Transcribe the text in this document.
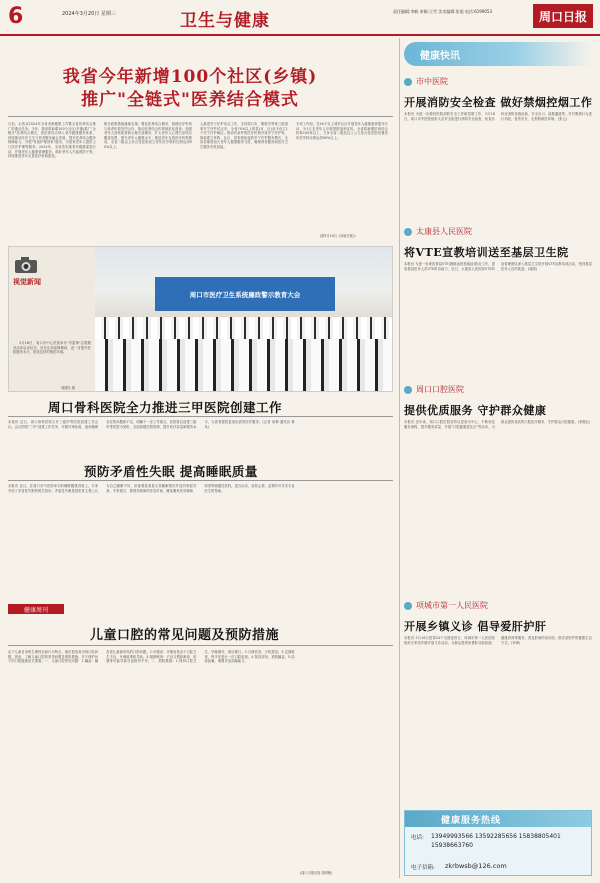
6	2024年3月20日 星期三	卫生与健康	责任编辑:李帆 审稿:王雪 美术编辑:张旭 电话:6199053	周口日报
我省今年新增100个社区(乡镇)
推广"全链式"医养结合模式
日前，记者从2024年全省老龄健康工作暨全省医养结合推广的重点任务。今年，我省将新增100个社区(乡镇)推广"全链式"医养结合模式，将医养结合纳入老年健康服务体系，持续推动医疗卫生与养老服务融合发展，提升医养结合服务保障能力。开展"家庭护理到家"服务，为居家老年人提供上门医疗护理等服务。2024年，全省将实施老年健康促进行动，开展老年人健康管理服务，做好老年人失能预防干预，持续推进老年友善医疗机构建设。
相关政策措施落地实施；强化医养结合服务，鼓励医疗机构与养老机构签约合作，推动医养结合机构规范化建设；加强老年人营养改善和心理关爱服务，扩大老年人心理关爱项目覆盖范围，提升老年人健康水平；推进老年友善医疗机构建设，全省二级以上综合性医院设立老年医学科的比例达到90%以上。
人推进安宁疗护试点工作，支持周口市、鹤壁市等第三批国家安宁疗护试点市，全省70%以上的县(市、区)至少设立1个安宁疗护病区。推动有条件的医疗机构开设安宁疗护科，探索建立机构、社区、居家相衔接的安宁疗护服务模式。全省各地将加大老年人健康服务力度，确保养老服务和医疗卫生服务有机衔接。
专项工作组，在40个以上城乡社区开展老年人健康素养提升行动，为1万名老年人开展预防接种宣传。全省将新增医养结合机构100家以上，力争全省二级及以上公立综合性医院设置老年医学科比例达到90%以上。
(据3月19日《河南日报》)
视觉新闻
3月18日，周口市中心医院举办"学雷锋"志愿服务活动启动仪式，旨在弘扬雷锋精神，进一步提升医院服务水平，营造良好的就医环境。
周德民 摄
周口市医疗卫生系统廉政警示教育大会
周口骨科医院全力推进三甲医院创建工作
本报讯 近日，周口骨科医院召开三级甲等医院创建工作会议。会议围绕"三甲"创建工作任务，对照评审标准，逐项梳理存在的问题和不足，明确下一步工作重点。医院将以创建三级甲等医院为契机，全面加强医院管理，提升医疗质量和服务水平，为患者提供更加优质的医疗服务。(记者 何梅 通讯员 林凤)
预防矛盾性失眠 提高睡眠质量
本报讯 近日，在周口市中医院举办的睡眠健康讲座上，专家介绍了矛盾性失眠的相关知识。矛盾性失眠是指患者主观上认为自己睡眠不好，但客观检查显示其睡眠情况并没有明显异常。专家建议，要保持规律的作息时间，睡前避免饮用咖啡、浓茶等刺激性饮料，适当运动，放松心情，必要时可寻求专业医生的帮助。
健康周刊
儿童口腔的常见问题及预防措施
由于儿童自身的生理特点和行为特点，他们很容易出现口腔问题。因此，了解儿童口腔的常见问题及预防措施，对于保护孩子的口腔健康至关重要。一、儿童口腔常见问题：1.龋齿：龋齿是儿童最常见的口腔问题。2.牙龈炎：牙龈炎是由于口腔卫生不良，牙菌斑堆积导致。3.错颌畸形：不良习惯如吮指、咬唇等可能导致牙齿排列不齐。二、预防措施：1.保持口腔卫生，早晚刷牙，饭后漱口。2.合理饮食，少吃甜食。3.定期检查，每半年进行一次口腔检查。4.窝沟封闭，预防龋齿。5.局部涂氟，增强牙齿抗龋能力。
(周口日报百姓 周明俊)
健康快讯
市中医院
开展消防安全检查 做好禁烟控烟工作
本报讯 为进一步做好医院消防安全工作和控烟工作，3月18日，周口市中医院组织人员对全院进行消防安全检查，检查各科室消防设施设备、安全出口、疏散通道等，并对吸烟行为进行劝阻，营造安全、无烟的就医环境。(张云)
太康县人民医院
将VTE宣教培训送至基层卫生院
本报讯 为进一步规范基层VTE(静脉血栓栓塞症)防治工作，提高基层医务人员VTE防治能力，近日，太康县人民医院VTE防治管理团队深入基层卫生院开展VTE宣教培训活动，受到基层医务人员的欢迎。(周刚)
周口口腔医院
提供优质服务 守护群众健康
本报讯 近年来，周口口腔医院坚持以患者为中心，不断优化服务流程，提升服务质量，开展"口腔健康进社区"等活动，为群众提供优质的口腔医疗服务，守护群众口腔健康。(李继红)
项城市第一人民医院
开展乡镇义诊 倡导爱肝护肝
本报讯 3月18日是第24个全国爱肝日，项城市第一人民医院组织专家到乡镇开展义诊活动，为群众提供免费肝功能检测、健康咨询等服务，普及肝病防治知识，倡导爱肝护肝健康生活方式。(李坤)
健康服务热线
电话: 13949993566 13592285656 15838805401 15938663760
电子信箱: zkrbwsb@126.com
